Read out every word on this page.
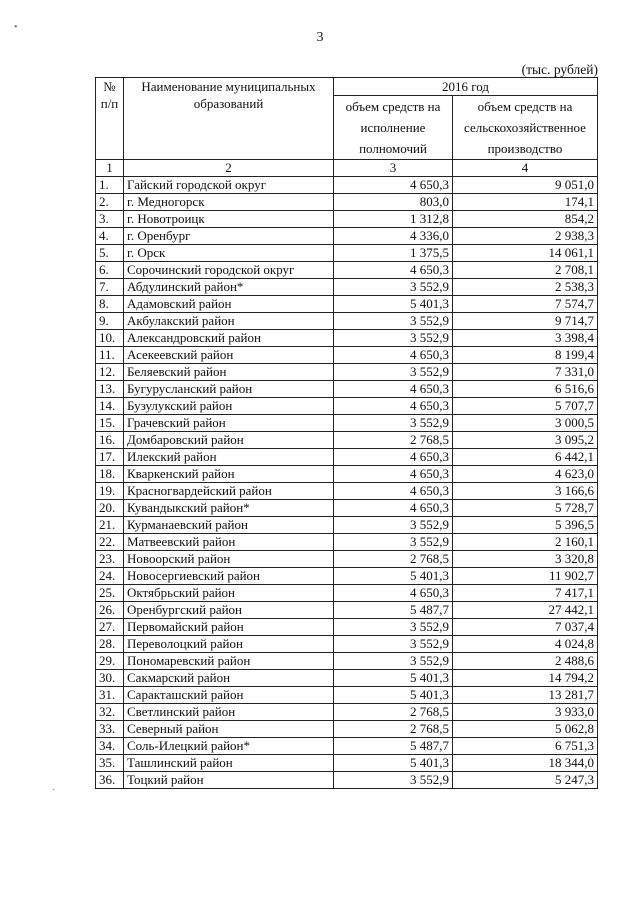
3
(тыс. рублей)
•
·
№ п/п	Наименование муниципальных образований	2016 год	
		объем средств на исполнение полномочий	объем средств на сельскохозяйственное производство
1	2	3	4
1.	Гайский городской округ	4 650,3	9 051,0
2.	г. Медногорск	803,0	174,1
3.	г. Новотроицк	1 312,8	854,2
4.	г. Оренбург	4 336,0	2 938,3
5.	г. Орск	1 375,5	14 061,1
6.	Сорочинский городской округ	4 650,3	2 708,1
7.	Абдулинский район*	3 552,9	2 538,3
8.	Адамовский район	5 401,3	7 574,7
9.	Акбулакский район	3 552,9	9 714,7
10.	Александровский район	3 552,9	3 398,4
11.	Асекеевский район	4 650,3	8 199,4
12.	Беляевский район	3 552,9	7 331,0
13.	Бугурусланский район	4 650,3	6 516,6
14.	Бузулукский район	4 650,3	5 707,7
15.	Грачевский район	3 552,9	3 000,5
16.	Домбаровский район	2 768,5	3 095,2
17.	Илекский район	4 650,3	6 442,1
18.	Кваркенский район	4 650,3	4 623,0
19.	Красногвардейский район	4 650,3	3 166,6
20.	Кувандыкский район*	4 650,3	5 728,7
21.	Курманаевский район	3 552,9	5 396,5
22.	Матвеевский район	3 552,9	2 160,1
23.	Новоорский район	2 768,5	3 320,8
24.	Новосергиевский район	5 401,3	11 902,7
25.	Октябрьский район	4 650,3	7 417,1
26.	Оренбургский район	5 487,7	27 442,1
27.	Первомайский район	3 552,9	7 037,4
28.	Переволоцкий район	3 552,9	4 024,8
29.	Пономаревский район	3 552,9	2 488,6
30.	Сакмарский район	5 401,3	14 794,2
31.	Саракташский район	5 401,3	13 281,7
32.	Светлинский район	2 768,5	3 933,0
33.	Северный район	2 768,5	5 062,8
34.	Соль-Илецкий район*	5 487,7	6 751,3
35.	Ташлинский район	5 401,3	18 344,0
36.	Тоцкий район	3 552,9	5 247,3
